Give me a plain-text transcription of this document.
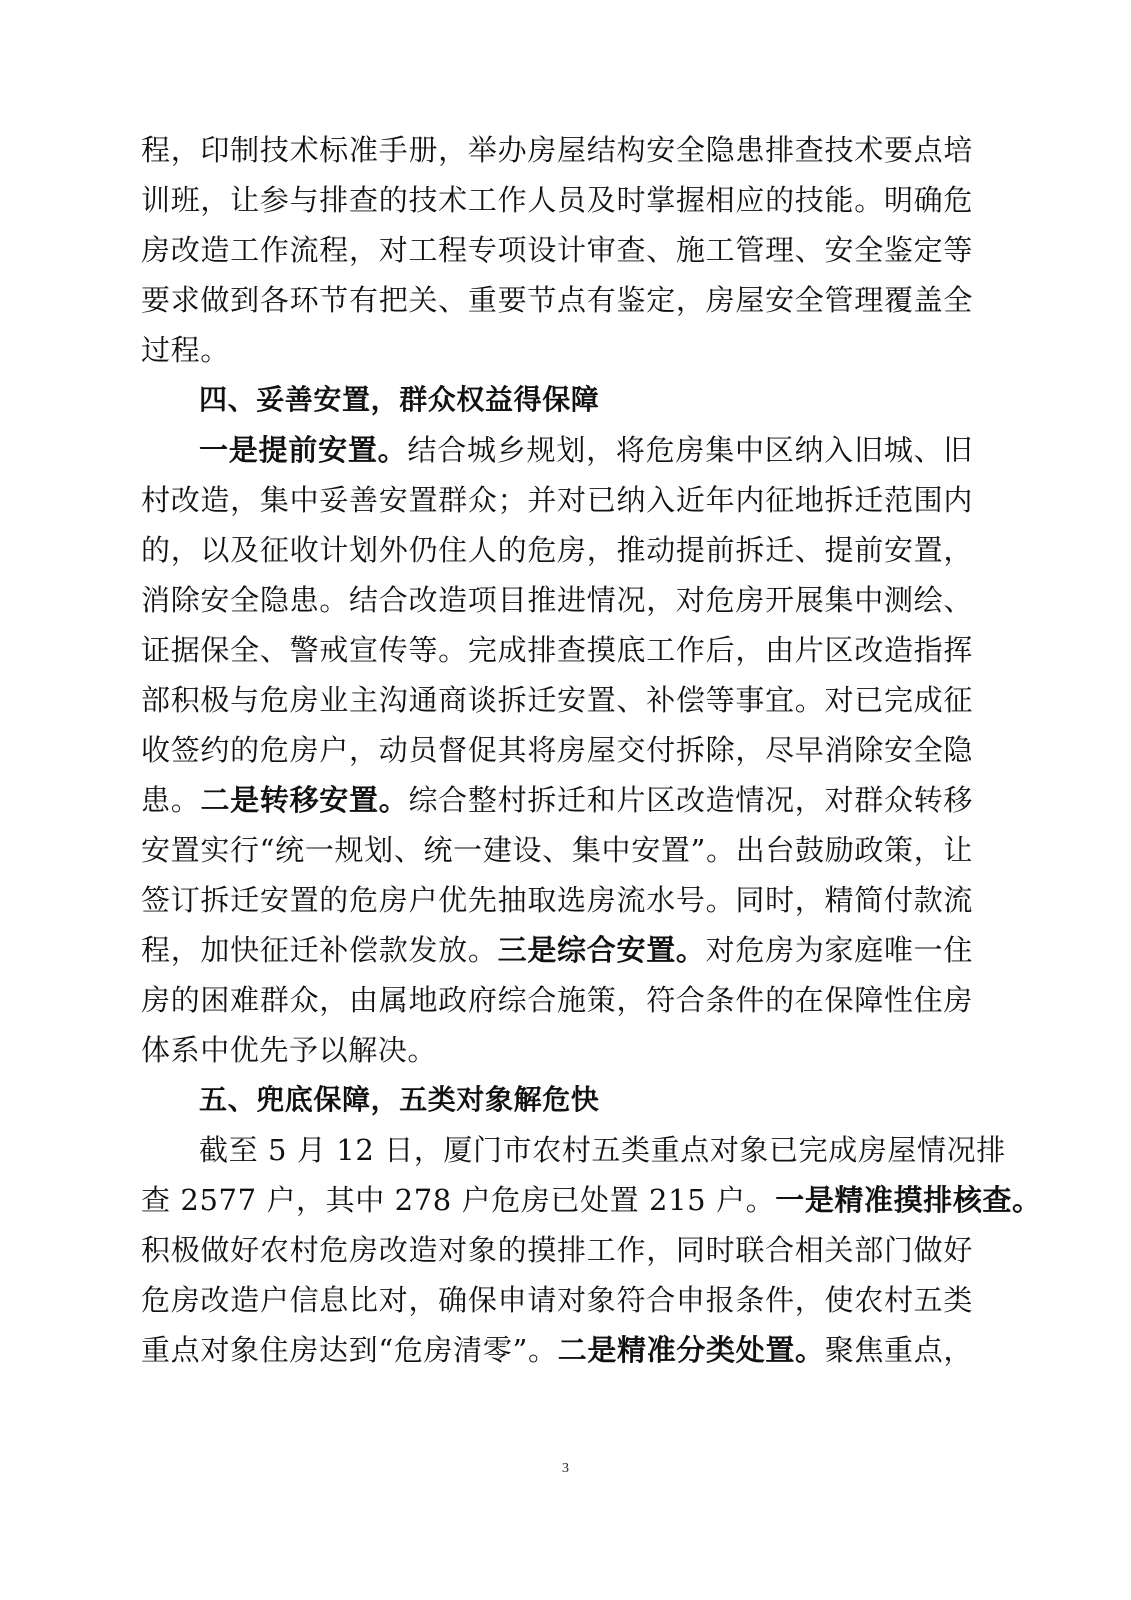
程，印制技术标准手册，举办房屋结构安全隐患排查技术要点培
训班，让参与排查的技术工作人员及时掌握相应的技能。明确危
房改造工作流程，对工程专项设计审查、施工管理、安全鉴定等
要求做到各环节有把关、重要节点有鉴定，房屋安全管理覆盖全
过程。
四、妥善安置，群众权益得保障
一是提前安置。结合城乡规划，将危房集中区纳入旧城、旧
村改造，集中妥善安置群众；并对已纳入近年内征地拆迁范围内
的，以及征收计划外仍住人的危房，推动提前拆迁、提前安置，
消除安全隐患。结合改造项目推进情况，对危房开展集中测绘、
证据保全、警戒宣传等。完成排查摸底工作后，由片区改造指挥
部积极与危房业主沟通商谈拆迁安置、补偿等事宜。对已完成征
收签约的危房户，动员督促其将房屋交付拆除，尽早消除安全隐
患。二是转移安置。综合整村拆迁和片区改造情况，对群众转移
安置实行“统一规划、统一建设、集中安置”。出台鼓励政策，让
签订拆迁安置的危房户优先抽取选房流水号。同时，精简付款流
程，加快征迁补偿款发放。三是综合安置。对危房为家庭唯一住
房的困难群众，由属地政府综合施策，符合条件的在保障性住房
体系中优先予以解决。
五、兜底保障，五类对象解危快
截至 5 月 12 日，厦门市农村五类重点对象已完成房屋情况排
查 2577 户，其中 278 户危房已处置 215 户。一是精准摸排核查。
积极做好农村危房改造对象的摸排工作，同时联合相关部门做好
危房改造户信息比对，确保申请对象符合申报条件，使农村五类
重点对象住房达到“危房清零”。二是精准分类处置。聚焦重点，
3
